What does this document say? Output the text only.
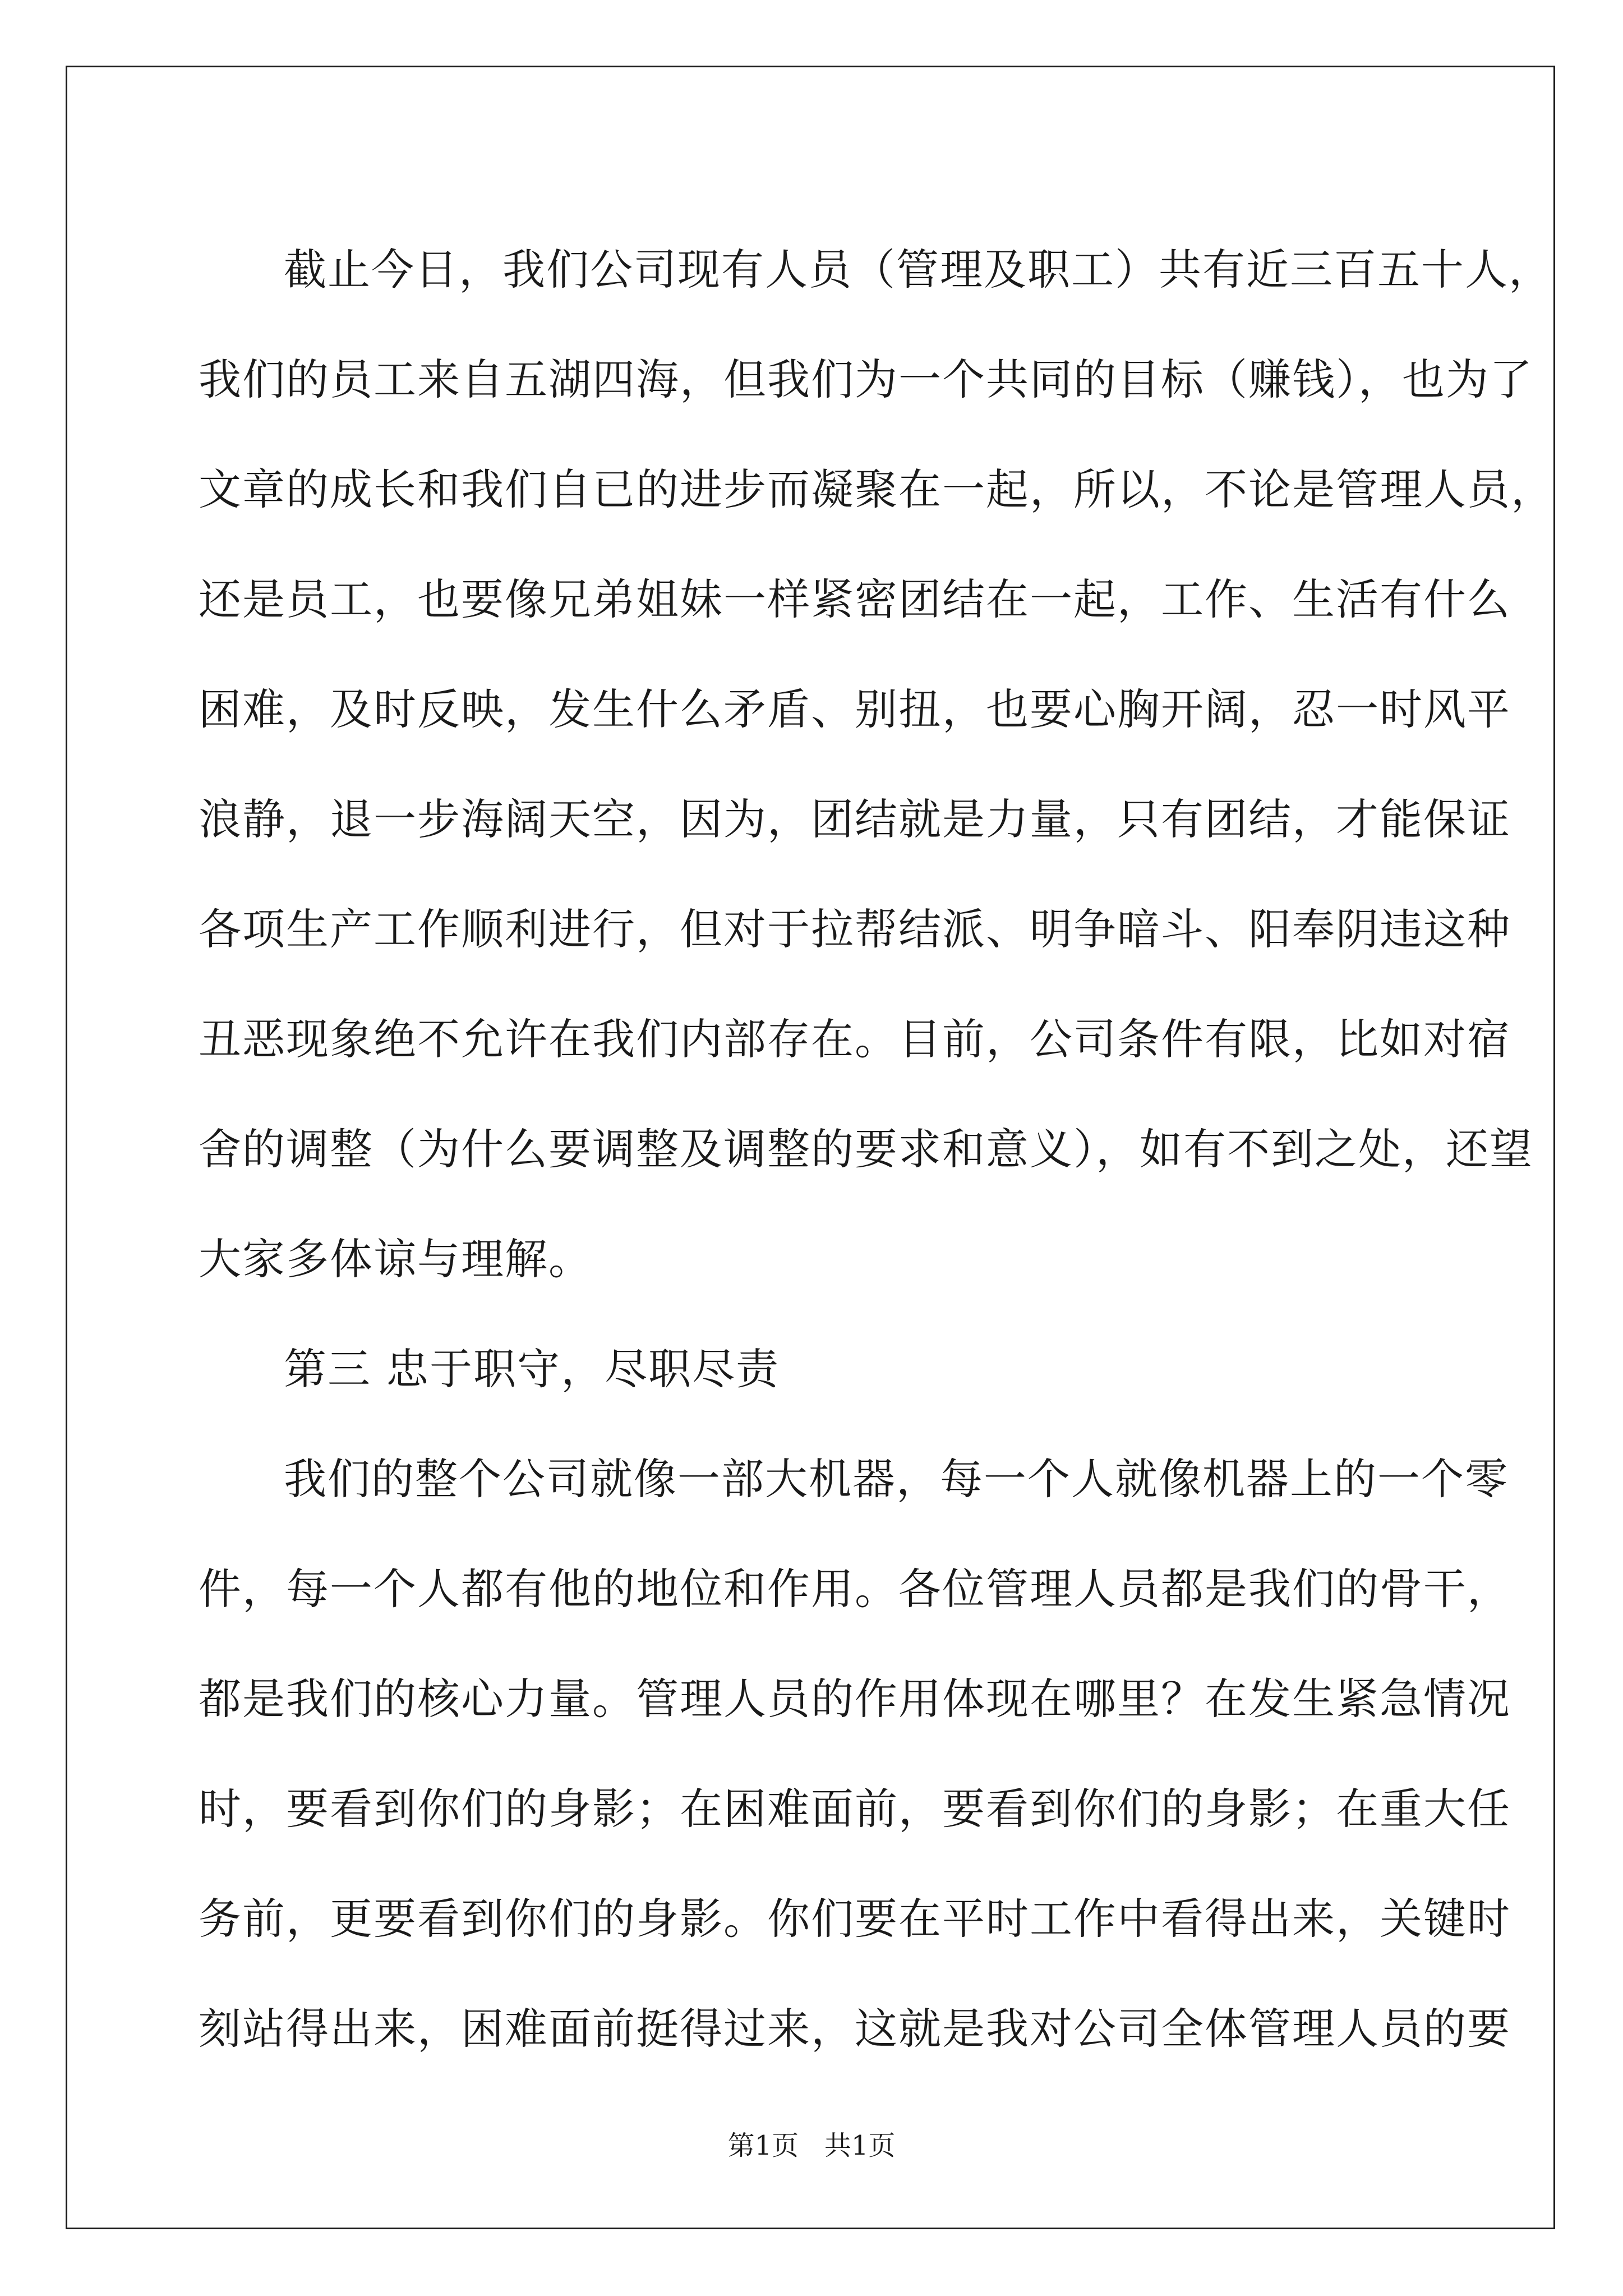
截止今日，我们公司现有人员（管理及职工）共有近三百五十人，
我们的员工来自五湖四海，但我们为一个共同的目标（赚钱），也为了
文章的成长和我们自已的进步而凝聚在一起，所以，不论是管理人员，
还是员工，也要像兄弟姐妹一样紧密团结在一起，工作、生活有什么
困难，及时反映，发生什么矛盾、别扭，也要心胸开阔，忍一时风平
浪静，退一步海阔天空，因为，团结就是力量，只有团结，才能保证
各项生产工作顺利进行，但对于拉帮结派、明争暗斗、阳奉阴违这种
丑恶现象绝不允许在我们内部存在。目前，公司条件有限，比如对宿
舍的调整（为什么要调整及调整的要求和意义），如有不到之处，还望
大家多体谅与理解。
第三 忠于职守，尽职尽责
我们的整个公司就像一部大机器，每一个人就像机器上的一个零
件，每一个人都有他的地位和作用。各位管理人员都是我们的骨干，
都是我们的核心力量。管理人员的作用体现在哪里？在发生紧急情况
时，要看到你们的身影；在困难面前，要看到你们的身影；在重大任
务前，更要看到你们的身影。你们要在平时工作中看得出来，关键时
刻站得出来，困难面前挺得过来，这就是我对公司全体管理人员的要
第1页   共1页
